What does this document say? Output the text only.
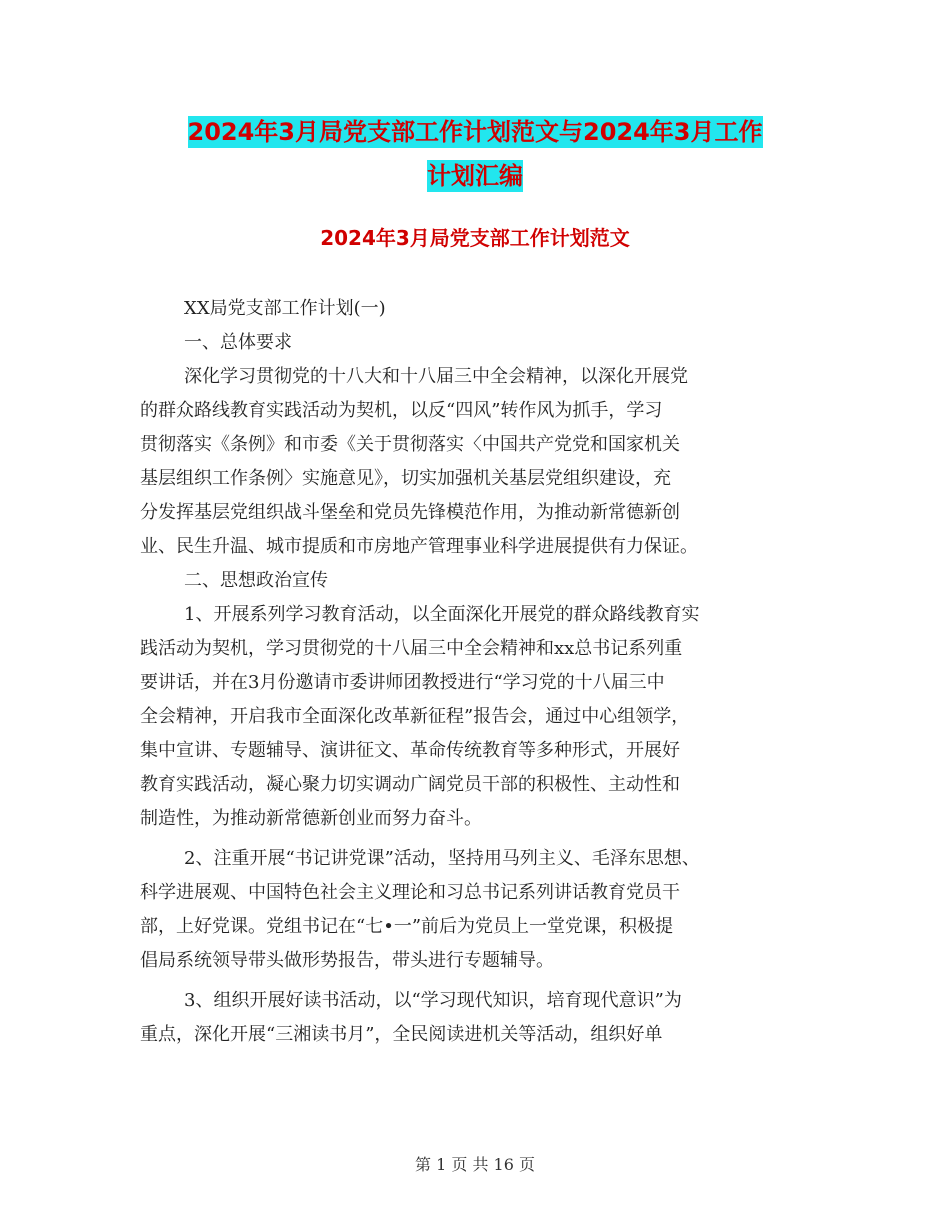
2024年3月局党支部工作计划范文与2024年3月工作
计划汇编
2024年3月局党支部工作计划范文
XX局党支部工作计划(一)
一、总体要求
深化学习贯彻党的十八大和十八届三中全会精神，以深化开展党
的群众路线教育实践活动为契机，以反“四风”转作风为抓手，学习
贯彻落实《条例》和市委《关于贯彻落实〈中国共产党党和国家机关
基层组织工作条例〉实施意见》，切实加强机关基层党组织建设，充
分发挥基层党组织战斗堡垒和党员先锋模范作用，为推动新常德新创
业、民生升温、城市提质和市房地产管理事业科学进展提供有力保证。
二、思想政治宣传
1、开展系列学习教育活动，以全面深化开展党的群众路线教育实
践活动为契机，学习贯彻党的十八届三中全会精神和xx总书记系列重
要讲话，并在3月份邀请市委讲师团教授进行“学习党的十八届三中
全会精神，开启我市全面深化改革新征程”报告会，通过中心组领学，
集中宣讲、专题辅导、演讲征文、革命传统教育等多种形式，开展好
教育实践活动，凝心聚力切实调动广阔党员干部的积极性、主动性和
制造性，为推动新常德新创业而努力奋斗。
2、注重开展“书记讲党课”活动，坚持用马列主义、毛泽东思想、
科学进展观、中国特色社会主义理论和习总书记系列讲话教育党员干
部，上好党课。党组书记在“七•一”前后为党员上一堂党课，积极提
倡局系统领导带头做形势报告，带头进行专题辅导。
3、组织开展好读书活动，以“学习现代知识，培育现代意识”为
重点，深化开展“三湘读书月”，全民阅读进机关等活动，组织好单
第 1 页 共 16 页
